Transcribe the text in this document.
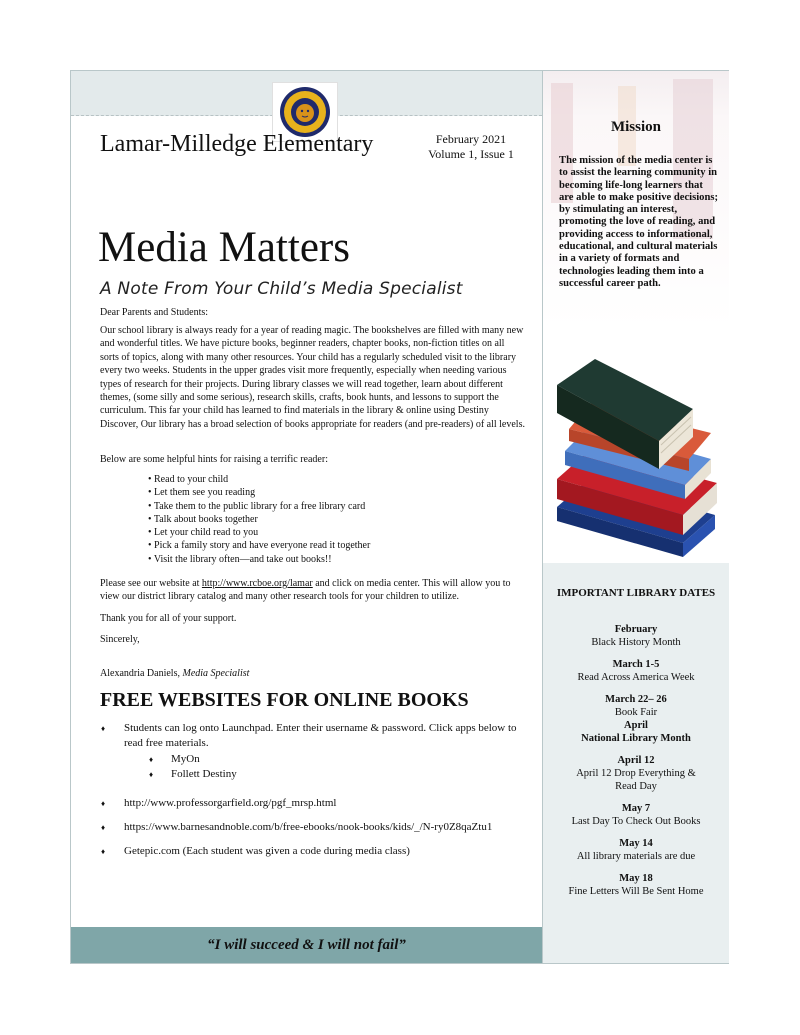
Lamar-Milledge Elementary	February 2021
Volume 1, Issue 1
Media Matters
A Note From Your Child’s Media Specialist
Dear Parents and Students:
Our school library is always ready for a year of reading magic. The bookshelves are filled with many new and wonderful titles. We have picture books, beginner readers, chapter books, non-fiction titles on all sorts of topics, along with many other resources. Your child has a regularly scheduled visit to the library every two weeks. Students in the upper grades visit more frequently, especially when needing various types of research for their projects. During library classes we will read together, learn about different themes, (some silly and some serious), research skills, crafts, book hunts, and lessons to support the curriculum. This far your child has learned to find materials in the library & online using Destiny Discover, Our library has a broad selection of books appropriate for readers (and pre-readers) of all levels.
Below are some helpful hints for raising a terrific reader:
• Read to your child
• Let them see you reading
• Take them to the public library for a free library card
• Talk about books together
• Let your child read to you
• Pick a family story and have everyone read it together
• Visit the library often—and take out books!!
Please see our website at http://www.rcboe.org/lamar and click on media center. This will allow you to view our district library catalog and many other research tools for your children to utilize.
Thank you for all of your support.
Sincerely,
Alexandria Daniels, Media Specialist
FREE WEBSITES FOR ONLINE BOOKS
♦ Students can log onto Launchpad. Enter their username & password. Click apps below to read free materials.
♦ MyOn
♦ Follett Destiny
♦ http://www.professorgarfield.org/pgf_mrsp.html
♦ https://www.barnesandnoble.com/b/free-ebooks/nook-books/kids/_/N-ry0Z8qaZtu1
♦ Getepic.com (Each student was given a code during media class)
“I will succeed & I will not fail”
Mission
The mission of the media center is to assist the learning community in becoming life-long learners that are able to make positive decisions; by stimulating an interest, promoting the love of reading, and providing access to informational, educational, and cultural materials in a variety of formats and technologies leading them into a successful career path.
IMPORTANT LIBRARY DATES
February
Black History Month
March 1-5
Read Across America Week
March 22– 26
Book Fair
April
National Library Month
April 12
April 12 Drop Everything & Read Day
May 7
Last Day To Check Out Books
May 14
All library materials are due
May 18
Fine Letters Will Be Sent Home
